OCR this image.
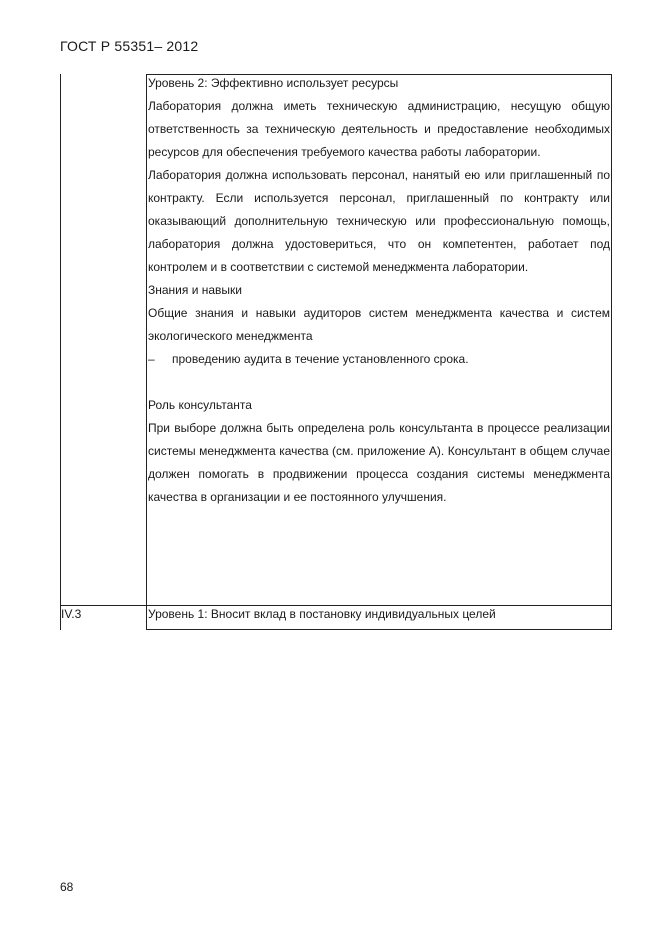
ГОСТ Р 55351– 2012

Уровень 2: Эффективно использует ресурсы

Лаборатория должна иметь техническую администрацию, несущую общую ответственность за техническую деятельность и предоставление необходимых ресурсов для обеспечения требуемого качества работы лаборатории.

Лаборатория должна использовать персонал, нанятый ею или приглашенный по контракту. Если используется персонал, приглашенный по контракту или оказывающий дополнительную техническую или профессиональную помощь, лаборатория должна удостовериться, что он компетентен, работает под контролем и в соответствии с системой менеджмента лаборатории.

Знания и навыки

Общие знания и навыки аудиторов систем менеджмента качества и систем экологического менеджмента

–	проведению аудита в течение установленного срока.

Роль консультанта

При выборе должна быть определена роль консультанта в процессе реализации системы менеджмента качества (см. приложение А). Консультант в общем случае должен помогать в продвижении процесса создания системы менеджмента качества в организации и ее постоянного улучшения.

IV.3	Уровень 1: Вносит вклад в постановку индивидуальных целей
68
